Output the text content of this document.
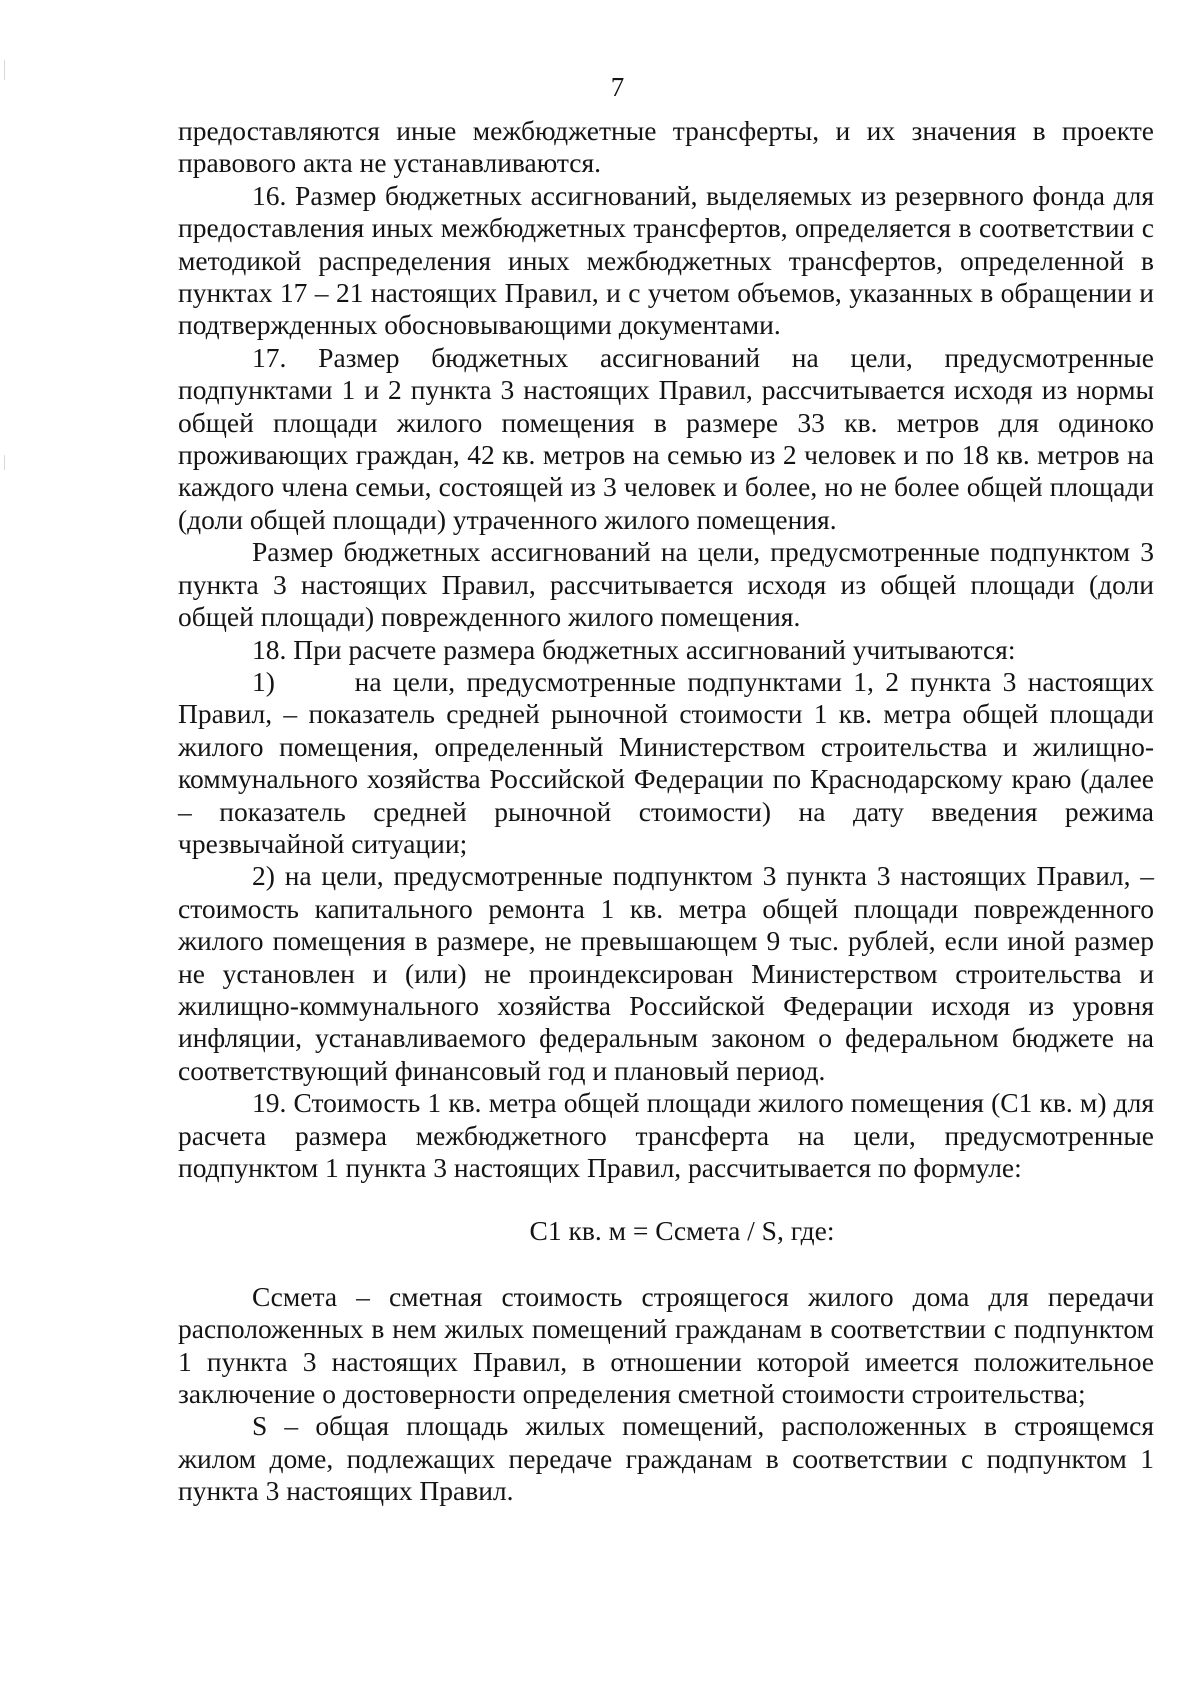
7

предоставляются иные межбюджетные трансферты, и их значения в проекте правового акта не устанавливаются.

16. Размер бюджетных ассигнований, выделяемых из резервного фонда для предоставления иных межбюджетных трансфертов, определяется в соответствии с методикой распределения иных межбюджетных трансфертов, определенной в пунктах 17 – 21 настоящих Правил, и с учетом объемов, указанных в обращении и подтвержденных обосновывающими документами.

17. Размер бюджетных ассигнований на цели, предусмотренные подпунктами 1 и 2 пункта 3 настоящих Правил, рассчитывается исходя из нормы общей площади жилого помещения в размере 33 кв. метров для одиноко проживающих граждан, 42 кв. метров на семью из 2 человек и по 18 кв. метров на каждого члена семьи, состоящей из 3 человек и более, но не более общей площади (доли общей площади) утраченного жилого помещения.

Размер бюджетных ассигнований на цели, предусмотренные подпунктом 3 пункта 3 настоящих Правил, рассчитывается исходя из общей площади (доли общей площади) поврежденного жилого помещения.

18. При расчете размера бюджетных ассигнований учитываются:

1)       на цели, предусмотренные подпунктами 1, 2 пункта 3 настоящих Правил, – показатель средней рыночной стоимости 1 кв. метра общей площади жилого помещения, определенный Министерством строительства и жилищно-коммунального хозяйства Российской Федерации по Краснодарскому краю (далее – показатель средней рыночной стоимости) на дату введения режима чрезвычайной ситуации;

2) на цели, предусмотренные подпунктом 3 пункта 3 настоящих Правил, – стоимость капитального ремонта 1 кв. метра общей площади поврежденного жилого помещения в размере, не превышающем 9 тыс. рублей, если иной размер не установлен и (или) не проиндексирован Министерством строительства и жилищно-коммунального хозяйства Российской Федерации исходя из уровня инфляции, устанавливаемого федеральным законом о федеральном бюджете на соответствующий финансовый год и плановый период.

19. Стоимость 1 кв. метра общей площади жилого помещения (С1 кв. м) для расчета размера межбюджетного трансферта на цели, предусмотренные подпунктом 1 пункта 3 настоящих Правил, рассчитывается по формуле:

С1 кв. м = Ссмета / S, где:

Ссмета – сметная стоимость строящегося жилого дома для передачи расположенных в нем жилых помещений гражданам в соответствии с подпунктом 1 пункта 3 настоящих Правил, в отношении которой имеется положительное заключение о достоверности определения сметной стоимости строительства;

S – общая площадь жилых помещений, расположенных в строящемся жилом доме, подлежащих передаче гражданам в соответствии с подпунктом 1 пункта 3 настоящих Правил.
